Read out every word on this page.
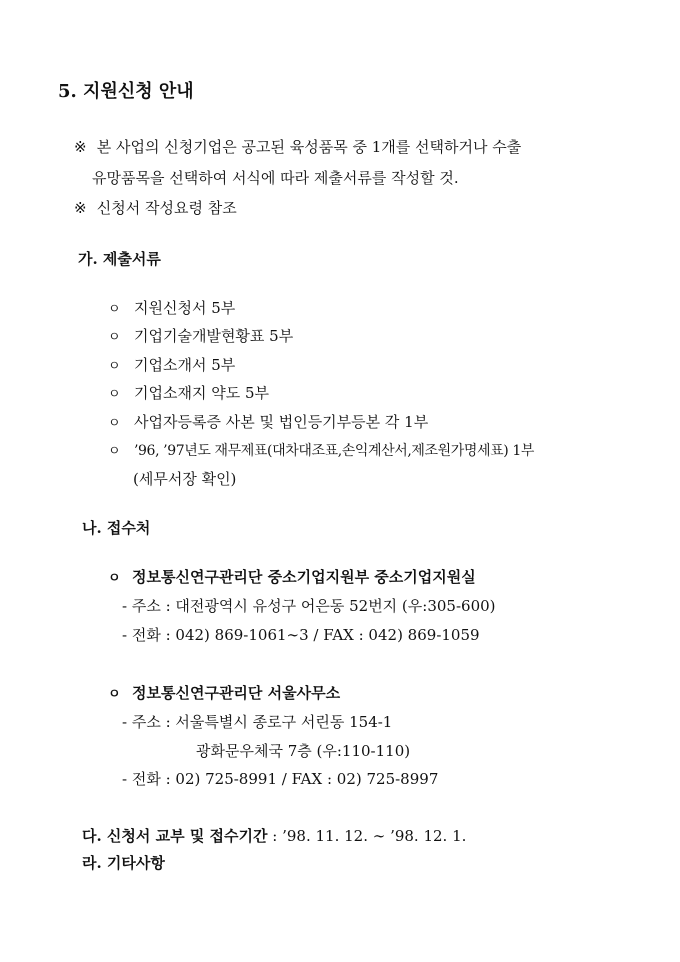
5. 지원신청 안내
※ 본 사업의 신청기업은 공고된 육성품목 중 1개를 선택하거나 수출
유망품목을 선택하여 서식에 따라 제출서류를 작성할 것.
※ 신청서 작성요령 참조
가. 제출서류
ㅇ 지원신청서 5부
ㅇ 기업기술개발현황표 5부
ㅇ 기업소개서 5부
ㅇ 기업소재지 약도 5부
ㅇ 사업자등록증 사본 및 법인등기부등본 각 1부
ㅇ ’96, ’97년도 재무제표(대차대조표,손익계산서,제조원가명세표) 1부
(세무서장 확인)
나. 접수처
ㅇ 정보통신연구관리단 중소기업지원부 중소기업지원실
- 주소 : 대전광역시 유성구 어은동 52번지 (우:305-600)
- 전화 : 042) 869-1061∼3 / FAX : 042) 869-1059
ㅇ 정보통신연구관리단 서울사무소
- 주소 : 서울특별시 종로구 서린동 154-1
광화문우체국 7층 (우:110-110)
- 전화 : 02) 725-8991 / FAX : 02) 725-8997
다. 신청서 교부 및 접수기간 : ’98. 11. 12. ∼ ’98. 12. 1.
라. 기타사항
